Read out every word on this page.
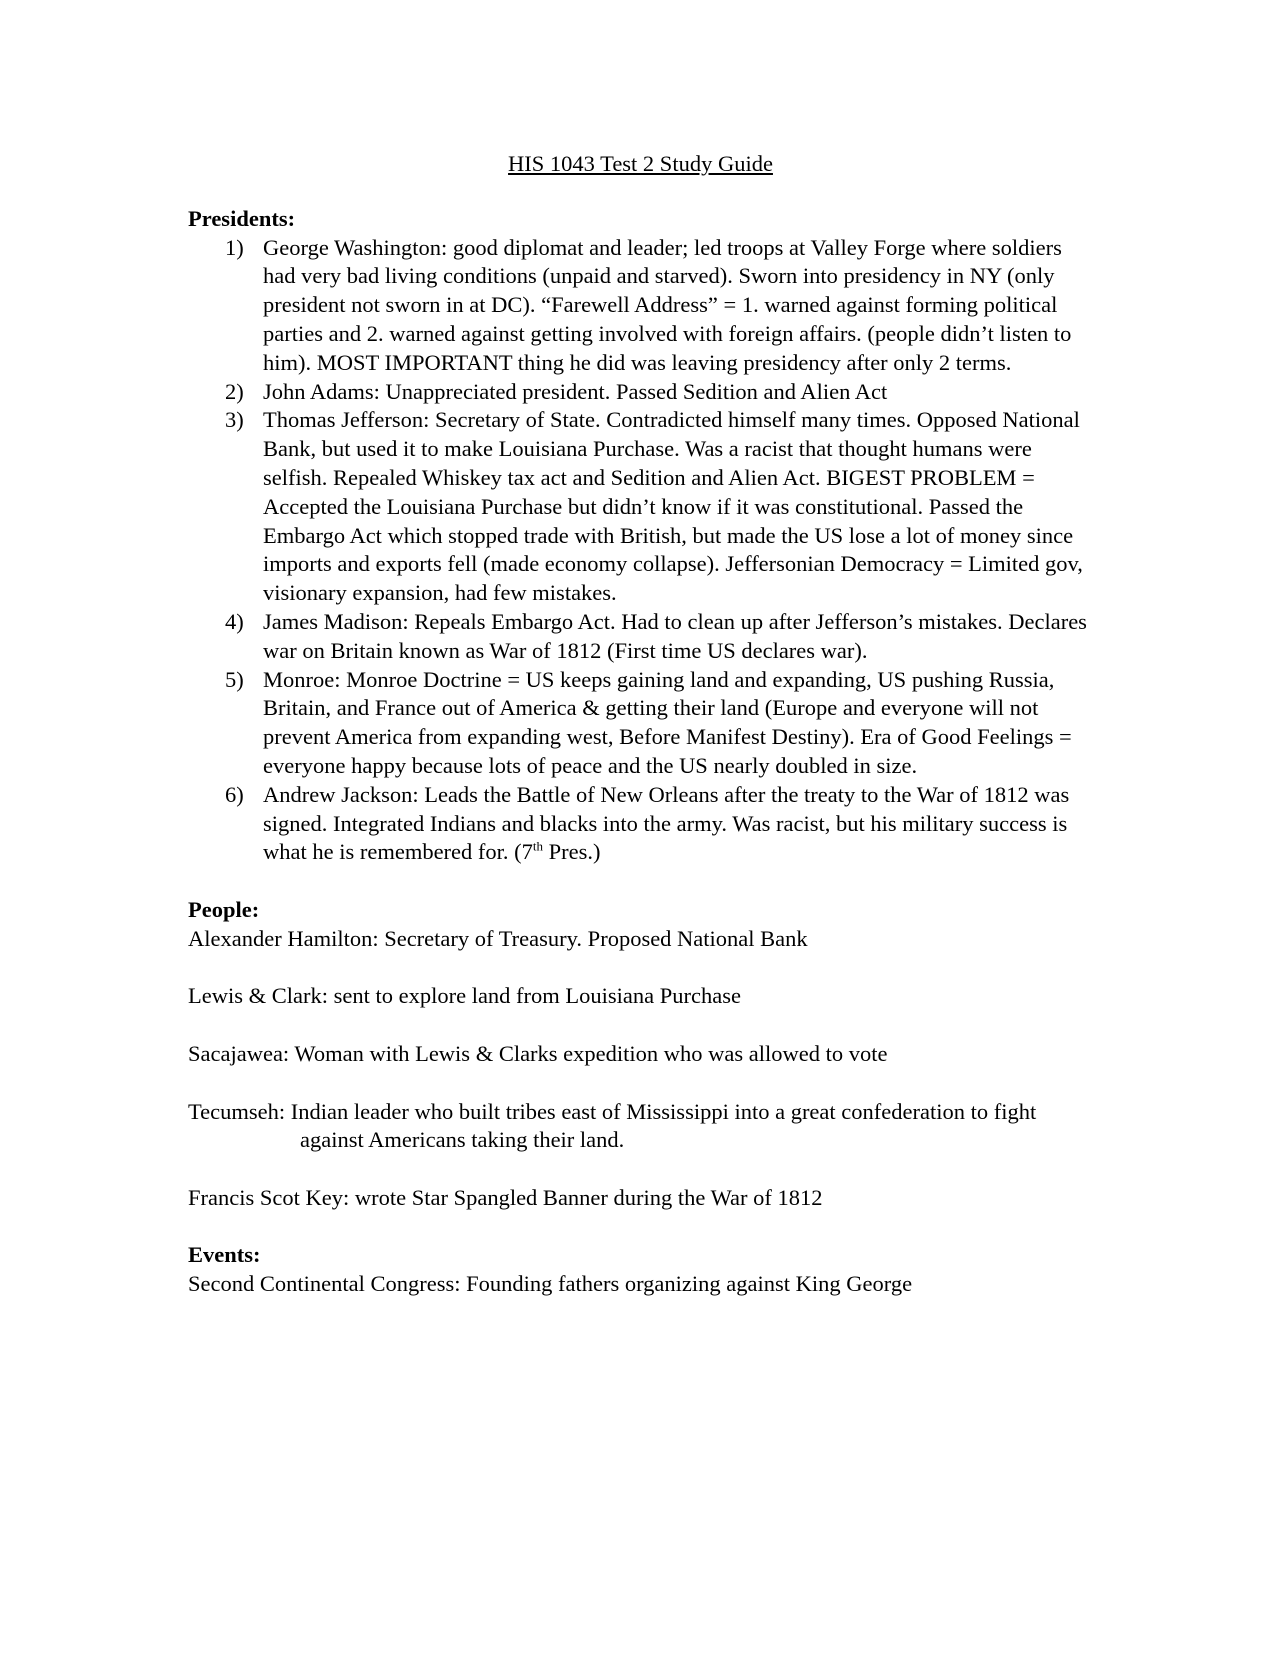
HIS 1043 Test 2 Study Guide
Presidents:
1) George Washington: good diplomat and leader; led troops at Valley Forge where soldiers had very bad living conditions (unpaid and starved). Sworn into presidency in NY (only president not sworn in at DC). “Farewell Address” = 1. warned against forming political parties and 2. warned against getting involved with foreign affairs. (people didn’t listen to him). MOST IMPORTANT thing he did was leaving presidency after only 2 terms.
2) John Adams: Unappreciated president. Passed Sedition and Alien Act
3) Thomas Jefferson: Secretary of State. Contradicted himself many times. Opposed National Bank, but used it to make Louisiana Purchase. Was a racist that thought humans were selfish. Repealed Whiskey tax act and Sedition and Alien Act. BIGEST PROBLEM = Accepted the Louisiana Purchase but didn’t know if it was constitutional. Passed the Embargo Act which stopped trade with British, but made the US lose a lot of money since imports and exports fell (made economy collapse). Jeffersonian Democracy = Limited gov, visionary expansion, had few mistakes.
4) James Madison: Repeals Embargo Act. Had to clean up after Jefferson’s mistakes. Declares war on Britain known as War of 1812 (First time US declares war).
5) Monroe: Monroe Doctrine = US keeps gaining land and expanding, US pushing Russia, Britain, and France out of America & getting their land (Europe and everyone will not prevent America from expanding west, Before Manifest Destiny). Era of Good Feelings = everyone happy because lots of peace and the US nearly doubled in size.
6) Andrew Jackson: Leads the Battle of New Orleans after the treaty to the War of 1812 was signed. Integrated Indians and blacks into the army. Was racist, but his military success is what he is remembered for. (7th Pres.)
People:

Alexander Hamilton: Secretary of Treasury. Proposed National Bank

Lewis & Clark: sent to explore land from Louisiana Purchase

Sacajawea: Woman with Lewis & Clarks expedition who was allowed to vote

Tecumseh: Indian leader who built tribes east of Mississippi into a great confederation to fight against Americans taking their land.

Francis Scot Key: wrote Star Spangled Banner during the War of 1812

Events:

Second Continental Congress: Founding fathers organizing against King George
